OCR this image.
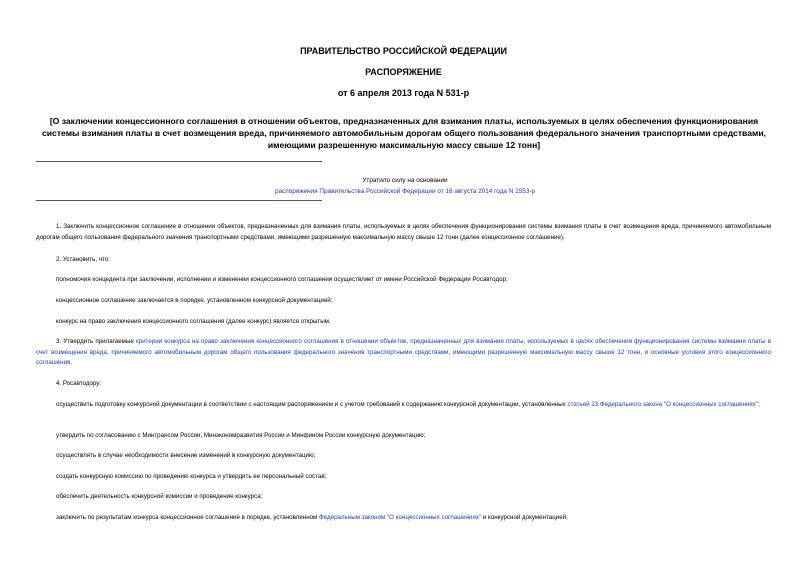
ПРАВИТЕЛЬСТВО РОССИЙСКОЙ ФЕДЕРАЦИИ
РАСПОРЯЖЕНИЕ
от 6 апреля 2013 года N 531-р
[О заключении концессионного соглашения в отношении объектов, предназначенных для взимания платы, используемых в целях обеспечения функционирования системы взимания платы в счет возмещения вреда, причиняемого автомобильным дорогам общего пользования федерального значения транспортными средствами, имеющими разрешенную максимальную массу свыше 12 тонн]
Утратило силу на основании
распоряжения Правительства Российской Федерации от 16 августа 2014 года N 1553-р
1. Заключить концессионное соглашение в отношении объектов, предназначенных для взимания платы, используемых в целях обеспечения функционирования системы взимания платы в счет возмещения вреда, причиняемого автомобильным дорогам общего пользования федерального значения транспортными средствами, имеющими разрешенную максимальную массу свыше 12 тонн (далее концессионное соглашение).
2. Установить, что:
полномочия концедента при заключении, исполнении и изменении концессионного соглашения осуществляет от имени Российской Федерации Росавтодор;
концессионное соглашение заключается в порядке, установленном конкурсной документацией;
конкурс на право заключения концессионного соглашения (далее конкурс) является открытым.
3. Утвердить прилагаемые критерии конкурса на право заключения концессионного соглашения в отношении объектов, предназначенных для взимания платы, используемых в целях обеспечения функционирования системы взимания платы в счет возмещения вреда, причиняемого автомобильным дорогам общего пользования федерального значения транспортными средствами, имеющими разрешенную максимальную массу свыше 12 тонн, и основные условия этого концессионного соглашения.
4. Росавтодору:
осуществить подготовку конкурсной документации в соответствии с настоящим распоряжением и с учетом требований к содержанию конкурсной документации, установленных статьей 23 Федерального закона "О концессионных соглашениях";
утвердить по согласованию с Минтрансом России, Минэкономразвития России и Минфином России конкурсную документацию;
осуществлять в случае необходимости внесение изменений в конкурсную документацию;
создать конкурсную комиссию по проведению конкурса и утвердить ее персональный состав;
обеспечить деятельность конкурсной комиссии и проведение конкурса;
заключить по результатам конкурса концессионное соглашение в порядке, установленном Федеральным законом "О концессионных соглашениях" и конкурсной документацией;
